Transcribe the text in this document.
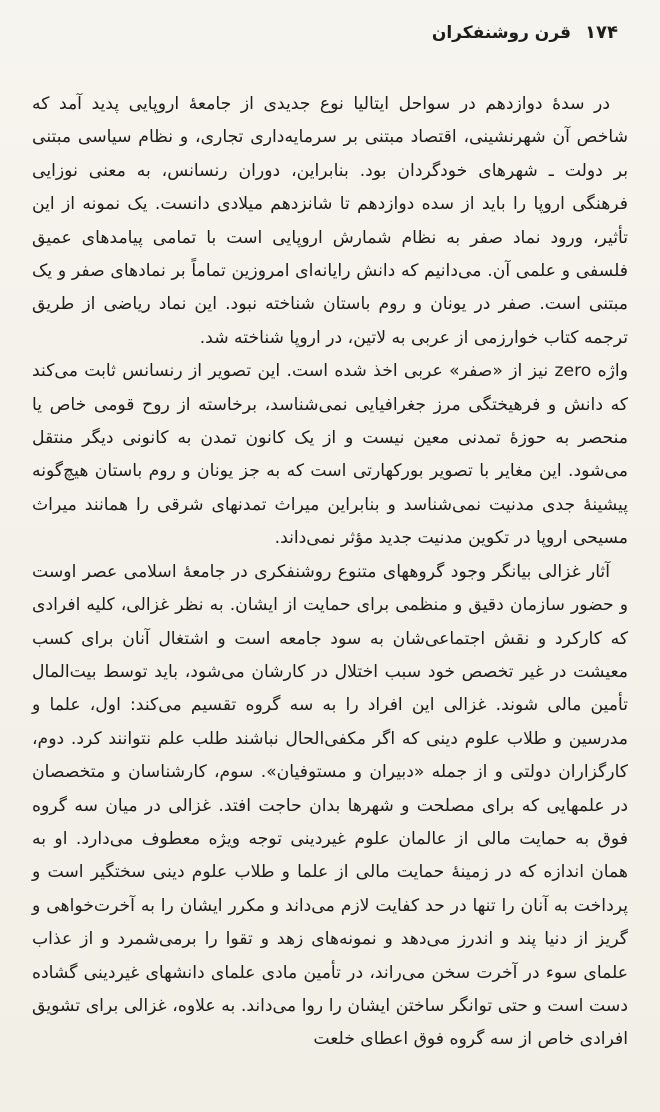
۱۷۴
قرن روشنفکران

در سدهٔ دوازدهم در سواحل ایتالیا نوع جدیدی از جامعهٔ اروپایی پدید آمد که شاخص آن شهرنشینی، اقتصاد مبتنی بر سرمایه‌داری تجاری، و نظام سیاسی مبتنی بر دولت ـ شهرهای خودگردان بود. بنابراین، دوران رنسانس، به معنی نوزایی فرهنگی اروپا را باید از سده دوازدهم تا شانزدهم میلادی دانست. یک نمونه از این تأثیر، ورود نماد صفر به نظام شمارش اروپایی است با تمامی پیامدهای عمیق فلسفی و علمی آن. می‌دانیم که دانش رایانه‌ای امروزین تماماً بر نمادهای صفر و یک مبتنی است. صفر در یونان و روم باستان شناخته نبود. این نماد ریاضی از طریق ترجمه کتاب خوارزمی از عربی به لاتین، در اروپا شناخته شد.

واژه zero نیز از «صفر» عربی اخذ شده است. این تصویر از رنسانس ثابت می‌کند که دانش و فرهیختگی مرز جغرافیایی نمی‌شناسد، برخاسته از روح قومی خاص یا منحصر به حوزهٔ تمدنی معین نیست و از یک کانون تمدن به کانونی دیگر منتقل می‌شود. این مغایر با تصویر بورکهارتی است که به جز یونان و روم باستان هیچ‌گونه پیشینهٔ جدی مدنیت نمی‌شناسد و بنابراین میراث تمدنهای شرقی را همانند میراث مسیحی اروپا در تکوین مدنیت جدید مؤثر نمی‌داند.

آثار غزالی بیانگر وجود گروههای متنوع روشنفکری در جامعهٔ اسلامی عصر اوست و حضور سازمان دقیق و منظمی برای حمایت از ایشان. به نظر غزالی، کلیه افرادی که کارکرد و نقش اجتماعی‌شان به سود جامعه است و اشتغال آنان برای کسب معیشت در غیر تخصص خود سبب اختلال در کارشان می‌شود، باید توسط بیت‌المال تأمین مالی شوند. غزالی این افراد را به سه گروه تقسیم می‌کند: اول، علما و مدرسین و طلاب علوم دینی که اگر مکفی‌الحال نباشند طلب علم نتوانند کرد. دوم، کارگزاران دولتی و از جمله «دبیران و مستوفیان». سوم، کارشناسان و متخصصان در علمهایی که برای مصلحت و شهرها بدان حاجت افتد. غزالی در میان سه گروه فوق به حمایت مالی از عالمان علوم غیردینی توجه ویژه معطوف می‌دارد. او به همان اندازه که در زمینهٔ حمایت مالی از علما و طلاب علوم دینی سختگیر است و پرداخت به آنان را تنها در حد کفایت لازم می‌داند و مکرر ایشان را به آخرت‌خواهی و گریز از دنیا پند و اندرز می‌دهد و نمونه‌های زهد و تقوا را برمی‌شمرد و از عذاب علمای سوء در آخرت سخن می‌راند، در تأمین مادی علمای دانشهای غیردینی گشاده دست است و حتی توانگر ساختن ایشان را روا می‌داند. به علاوه، غزالی برای تشویق افرادی خاص از سه گروه فوق اعطای خلعت
